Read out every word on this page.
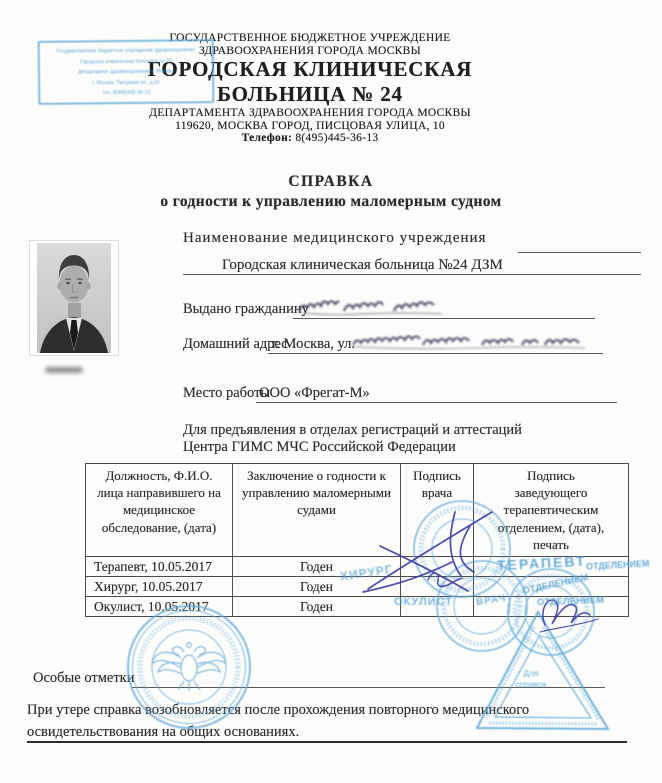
ГОСУДАРСТВЕННОЕ БЮДЖЕТНОЕ УЧРЕЖДЕНИЕ
ЗДРАВООХРАНЕНИЯ ГОРОДА МОСКВЫ
ГОРОДСКАЯ КЛИНИЧЕСКАЯ
БОЛЬНИЦА № 24
ДЕПАРТАМЕНТА ЗДРАВООХРАНЕНИЯ ГОРОДА МОСКВЫ
119620, МОСКВА ГОРОД, ПИСЦОВАЯ УЛИЦА, 10
Телефон: 8(495)445-36-13
Государственное бюджетное учреждение здравоохранения
Городская клиническая больница № 24
Департамент здравоохранения г. Москвы
г. Москва, Писцовая ул., д.10
тел. 8(495)445-36-13
СПРАВКА
о годности к управлению маломерным судном
Наименование медицинского учреждения
Городская клиническая больница №24 ДЗМ
Выдано гражданину
Домашний адрес
г. Москва, ул.
Место работы
ООО «Фрегат-М»
Для предъявления в отделах регистраций и аттестаций
Центра ГИМС МЧС Российской Федерации
Должность, Ф.И.О. лица направившего на медицинское обследование, (дата)	Заключение о годности к управлению маломерными судами	Подпись врача	Подпись заведующего терапевтическим отделением, (дата), печать
Терапевт, 10.05.2017	Годен		
Хирург, 10.05.2017	Годен		
Окулист, 10.05.2017	Годен		
Особые отметки
При утере справка возобновляется после прохождения повторного медицинского
освидетельствования на общих основаниях.
ТЕРАПЕВТ
ОТДЕЛЕНИЕМ
ОТДЕЛЕНИЕМ
ОТДЕЛЕНИЕМ
ХИРУРГ
ОКУЛИСТ ВРАЧ
Для
справок
